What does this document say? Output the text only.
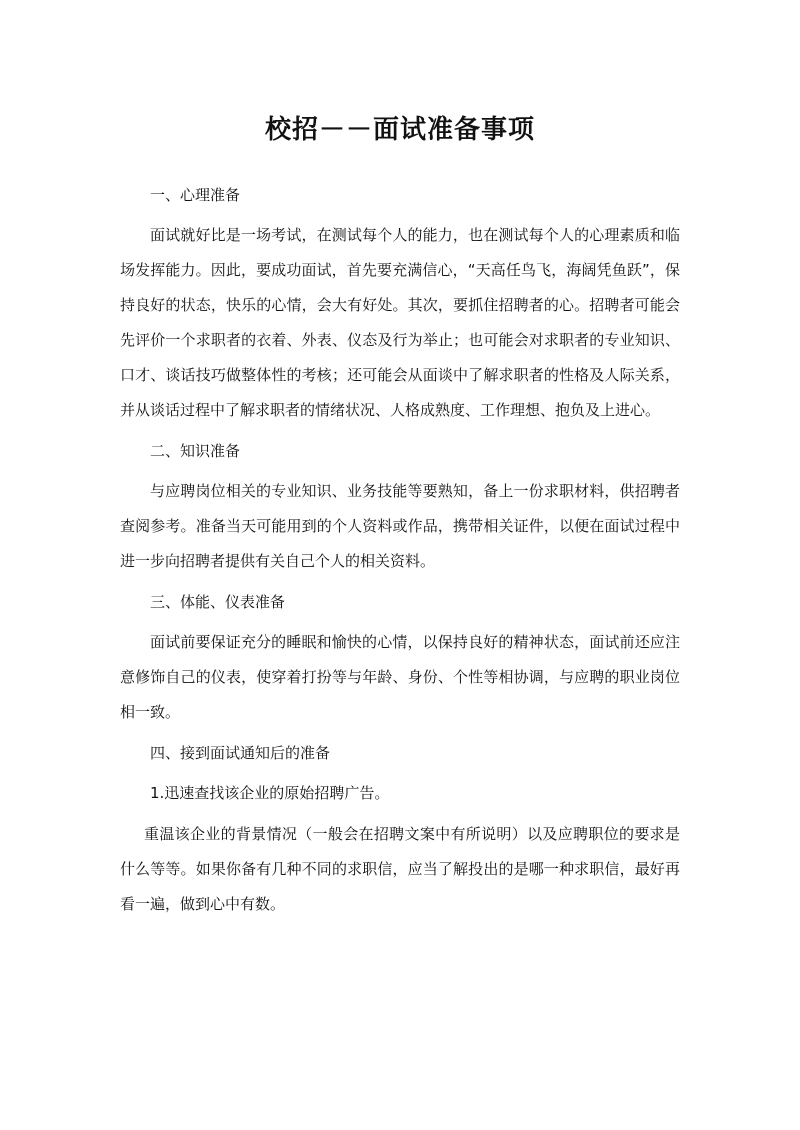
校招－－面试准备事项

一、心理准备

面试就好比是一场考试，在测试每个人的能力，也在测试每个人的心理素质和临场发挥能力。因此，要成功面试，首先要充满信心，“天高任鸟飞，海阔凭鱼跃”，保持良好的状态，快乐的心情，会大有好处。其次，要抓住招聘者的心。招聘者可能会先评价一个求职者的衣着、外表、仪态及行为举止；也可能会对求职者的专业知识、口才、谈话技巧做整体性的考核；还可能会从面谈中了解求职者的性格及人际关系，并从谈话过程中了解求职者的情绪状况、人格成熟度、工作理想、抱负及上进心。

二、知识准备

与应聘岗位相关的专业知识、业务技能等要熟知，备上一份求职材料，供招聘者查阅参考。准备当天可能用到的个人资料或作品，携带相关证件，以便在面试过程中进一步向招聘者提供有关自己个人的相关资料。

三、体能、仪表准备

面试前要保证充分的睡眠和愉快的心情，以保持良好的精神状态，面试前还应注意修饰自己的仪表，使穿着打扮等与年龄、身份、个性等相协调，与应聘的职业岗位相一致。

四、接到面试通知后的准备

1.迅速查找该企业的原始招聘广告。

重温该企业的背景情况（一般会在招聘文案中有所说明）以及应聘职位的要求是什么等等。如果你备有几种不同的求职信，应当了解投出的是哪一种求职信，最好再看一遍，做到心中有数。
